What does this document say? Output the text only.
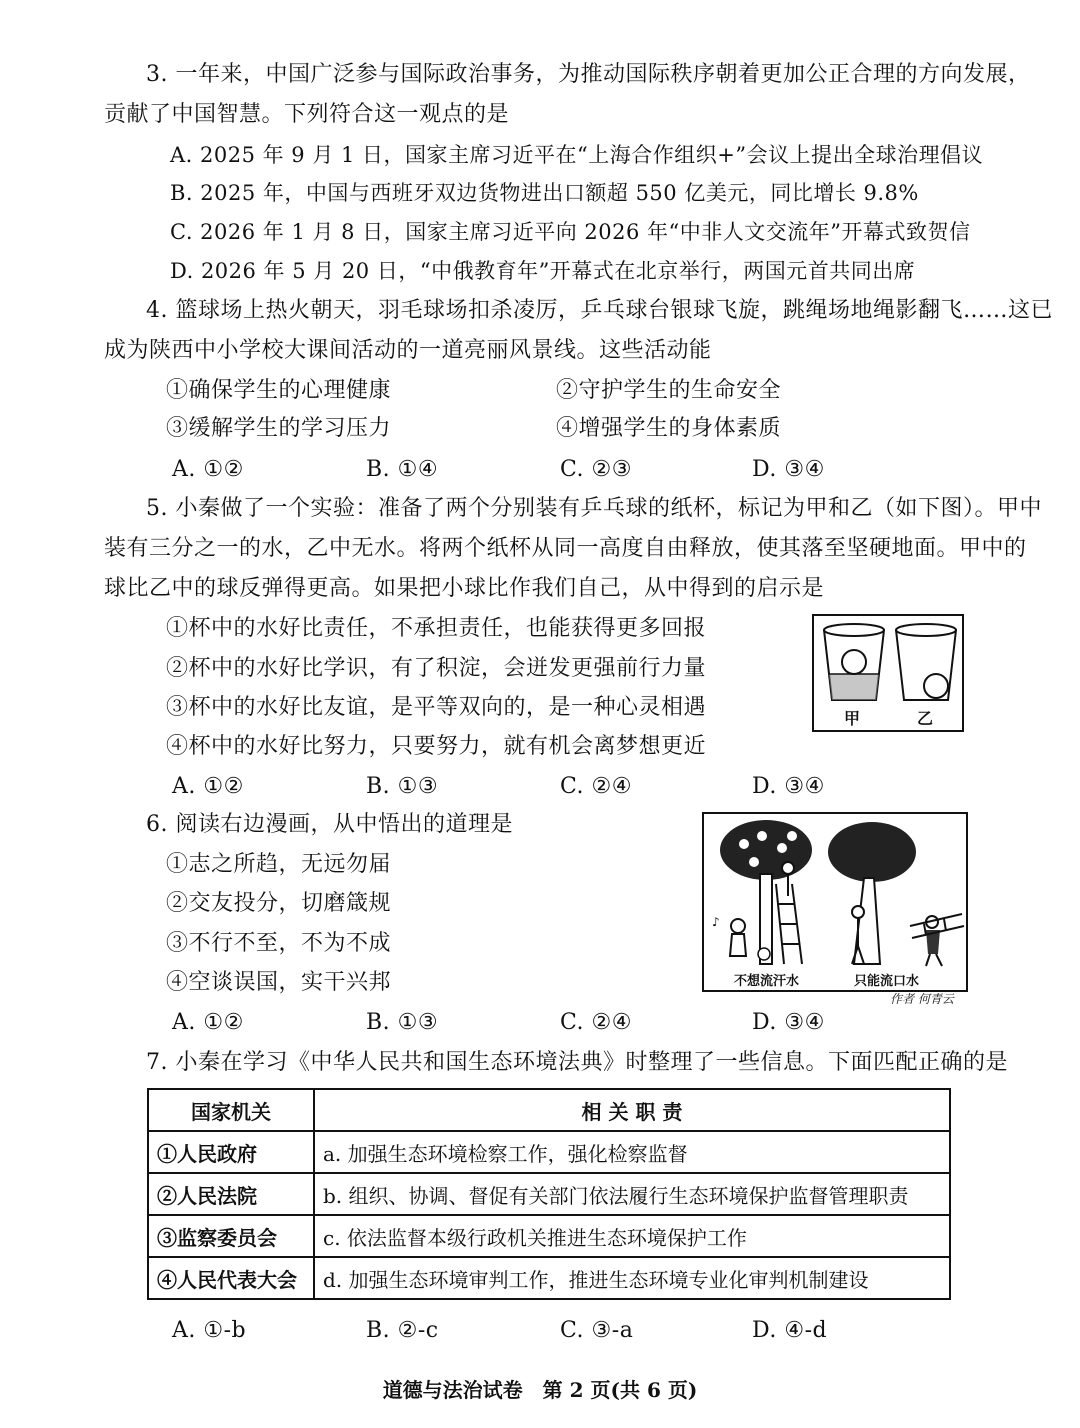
3. 一年来，中国广泛参与国际政治事务，为推动国际秩序朝着更加公正合理的方向发展，
贡献了中国智慧。下列符合这一观点的是
A. 2025 年 9 月 1 日，国家主席习近平在“上海合作组织+”会议上提出全球治理倡议
B. 2025 年，中国与西班牙双边货物进出口额超 550 亿美元，同比增长 9.8%
C. 2026 年 1 月 8 日，国家主席习近平向 2026 年“中非人文交流年”开幕式致贺信
D. 2026 年 5 月 20 日，“中俄教育年”开幕式在北京举行，两国元首共同出席
4. 篮球场上热火朝天，羽毛球场扣杀凌厉，乒乓球台银球飞旋，跳绳场地绳影翻飞……这已
成为陕西中小学校大课间活动的一道亮丽风景线。这些活动能
①确保学生的心理健康	②守护学生的生命安全
③缓解学生的学习压力	④增强学生的身体素质
A. ①②	B. ①④	C. ②③	D. ③④
5. 小秦做了一个实验：准备了两个分别装有乒乓球的纸杯，标记为甲和乙（如下图）。甲中
装有三分之一的水，乙中无水。将两个纸杯从同一高度自由释放，使其落至坚硬地面。甲中的
球比乙中的球反弹得更高。如果把小球比作我们自己，从中得到的启示是
①杯中的水好比责任，不承担责任，也能获得更多回报
②杯中的水好比学识，有了积淀，会迸发更强前行力量
③杯中的水好比友谊，是平等双向的，是一种心灵相遇
④杯中的水好比努力，只要努力，就有机会离梦想更近
A. ①②	B. ①③	C. ②④	D. ③④
甲	乙
6. 阅读右边漫画，从中悟出的道理是
①志之所趋，无远勿届
②交友投分，切磨箴规
③不行不至，不为不成
④空谈误国，实干兴邦
A. ①②	B. ①③	C. ②④	D. ③④
♪
不想流汗水	只能流口水
作者 何青云
7. 小秦在学习《中华人民共和国生态环境法典》时整理了一些信息。下面匹配正确的是
国家机关	相 关 职 责
①人民政府	a. 加强生态环境检察工作，强化检察监督
②人民法院	b. 组织、协调、督促有关部门依法履行生态环境保护监督管理职责
③监察委员会	c. 依法监督本级行政机关推进生态环境保护工作
④人民代表大会	d. 加强生态环境审判工作，推进生态环境专业化审判机制建设
A. ①-b	B. ②-c	C. ③-a	D. ④-d
道德与法治试卷　第 2 页(共 6 页)
